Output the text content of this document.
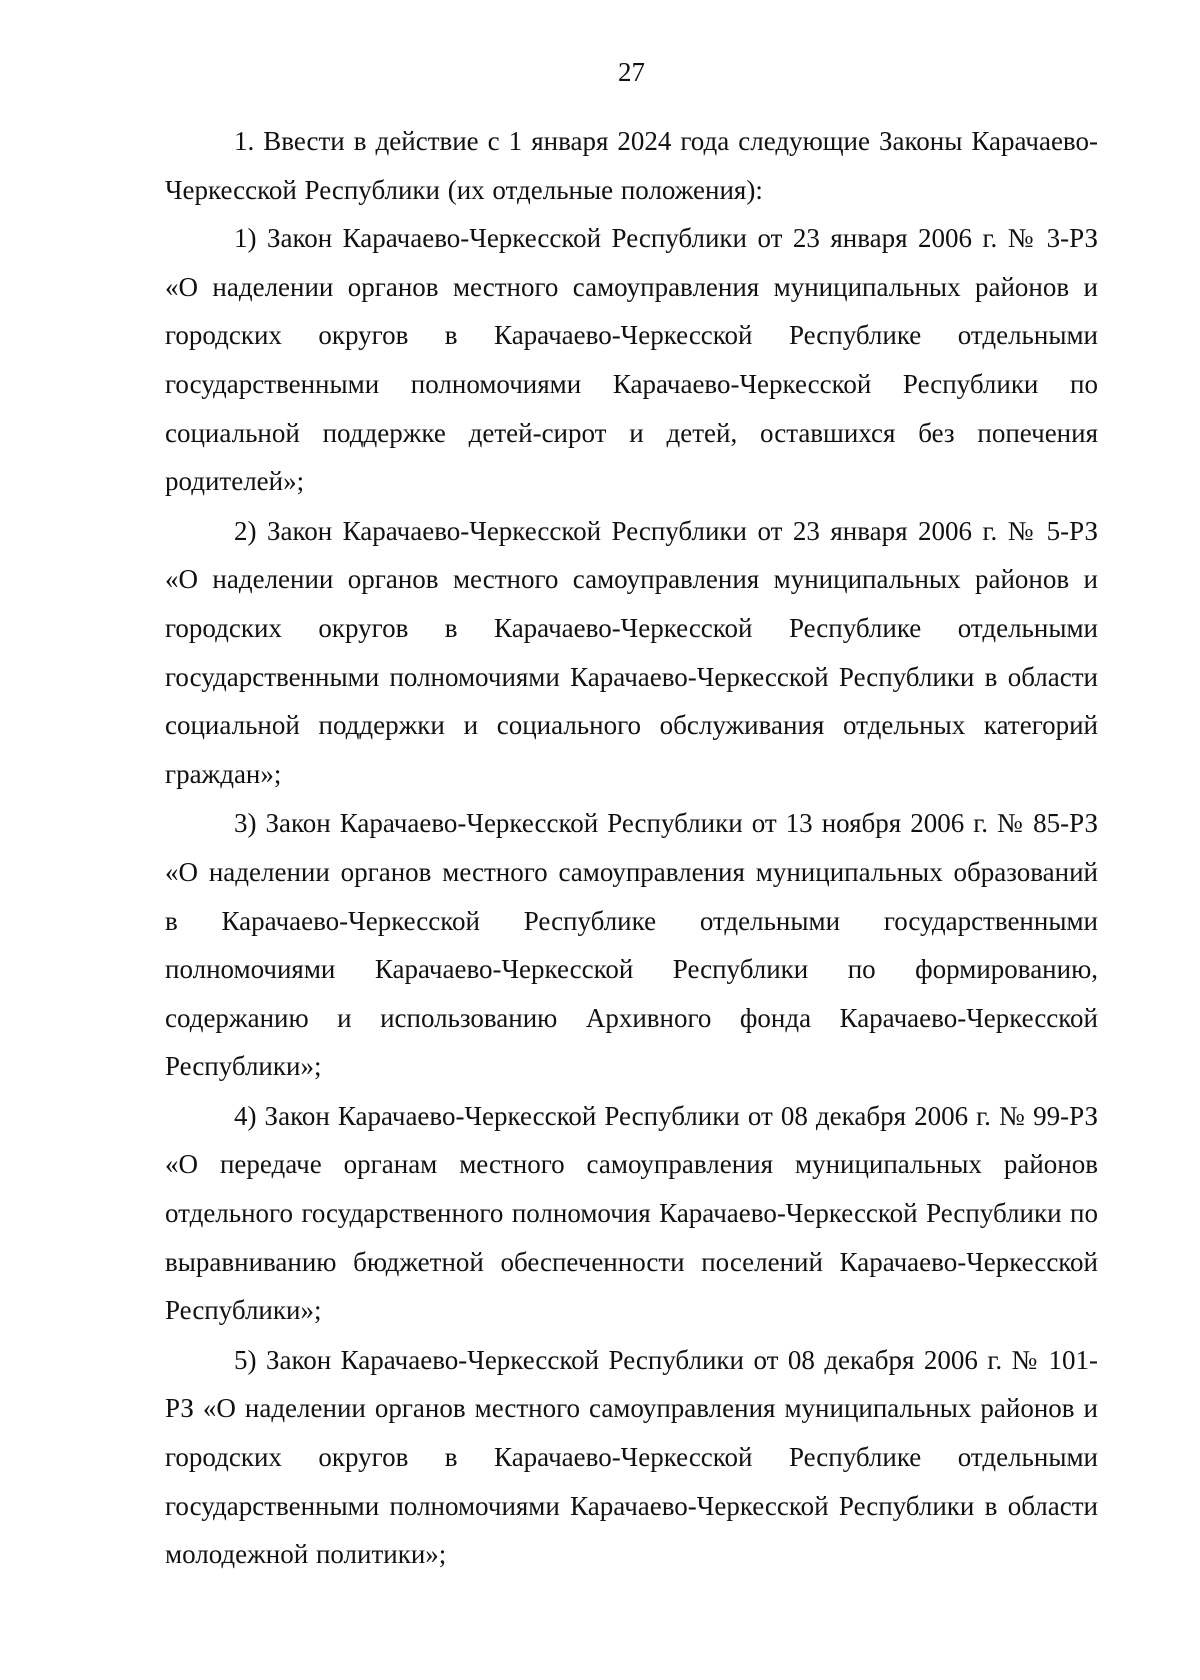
27

1. Ввести в действие с 1 января 2024 года следующие Законы Карачаево-Черкесской Республики (их отдельные положения):

1) Закон Карачаево-Черкесской Республики от 23 января 2006 г. № 3-РЗ «О наделении органов местного самоуправления муниципальных районов и городских округов в Карачаево-Черкесской Республике отдельными государственными полномочиями Карачаево-Черкесской Республики по социальной поддержке детей-сирот и детей, оставшихся без попечения родителей»;

2) Закон Карачаево-Черкесской Республики от 23 января 2006 г. № 5-РЗ «О наделении органов местного самоуправления муниципальных районов и городских округов в Карачаево-Черкесской Республике отдельными государственными полномочиями Карачаево-Черкесской Республики в области социальной поддержки и социального обслуживания отдельных категорий граждан»;

3) Закон Карачаево-Черкесской Республики от 13 ноября 2006 г. № 85-РЗ «О наделении органов местного самоуправления муниципальных образований в Карачаево-Черкесской Республике отдельными государственными полномочиями Карачаево-Черкесской Республики по формированию, содержанию и использованию Архивного фонда Карачаево-Черкесской Республики»;

4) Закон Карачаево-Черкесской Республики от 08 декабря 2006 г. № 99-РЗ «О передаче органам местного самоуправления муниципальных районов отдельного государственного полномочия Карачаево-Черкесской Республики по выравниванию бюджетной обеспеченности поселений Карачаево-Черкесской Республики»;

5) Закон Карачаево-Черкесской Республики от 08 декабря 2006 г. № 101-РЗ «О наделении органов местного самоуправления муниципальных районов и городских округов в Карачаево-Черкесской Республике отдельными государственными полномочиями Карачаево-Черкесской Республики в области молодежной политики»;
